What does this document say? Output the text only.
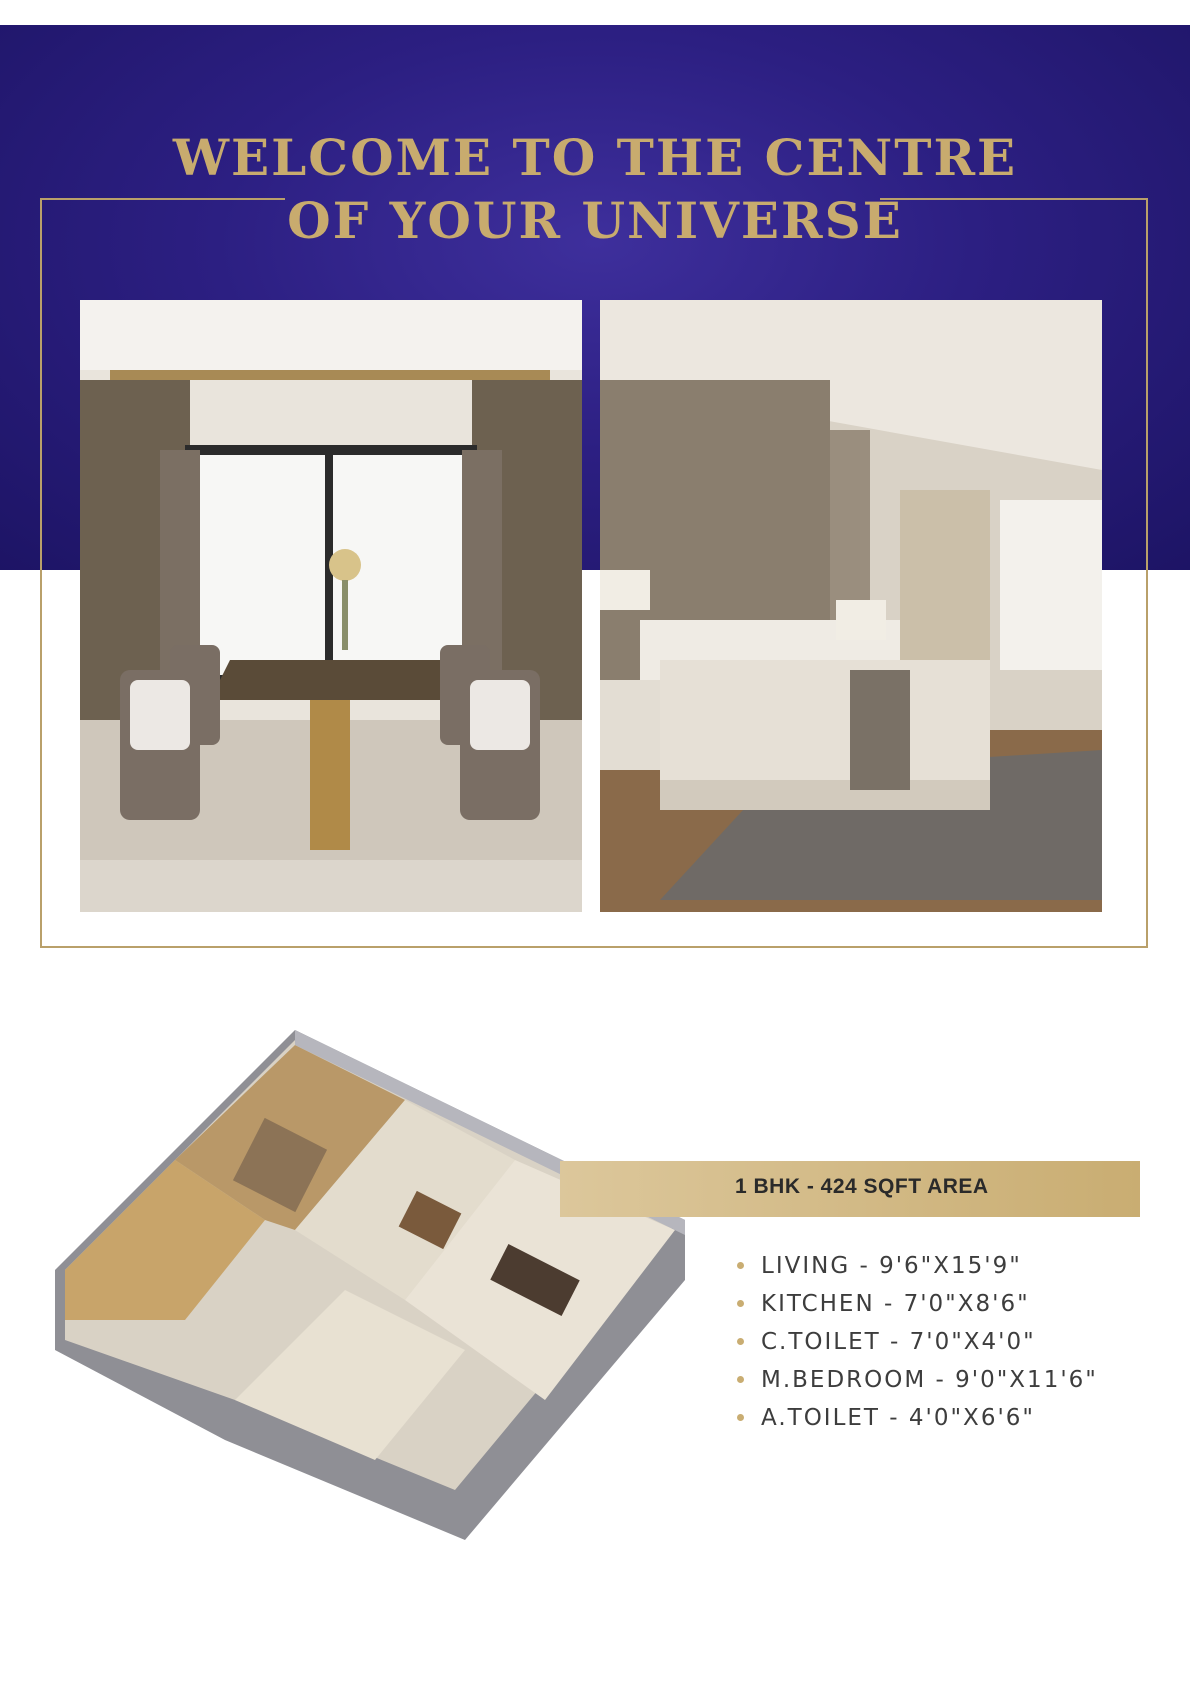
WELCOME TO THE CENTRE
OF YOUR UNIVERSE
1 BHK - 424 SQFT AREA
LIVING - 9'6"X15'9"
KITCHEN - 7'0"X8'6"
C.TOILET - 7'0"X4'0"
M.BEDROOM - 9'0"X11'6"
A.TOILET - 4'0"X6'6"
